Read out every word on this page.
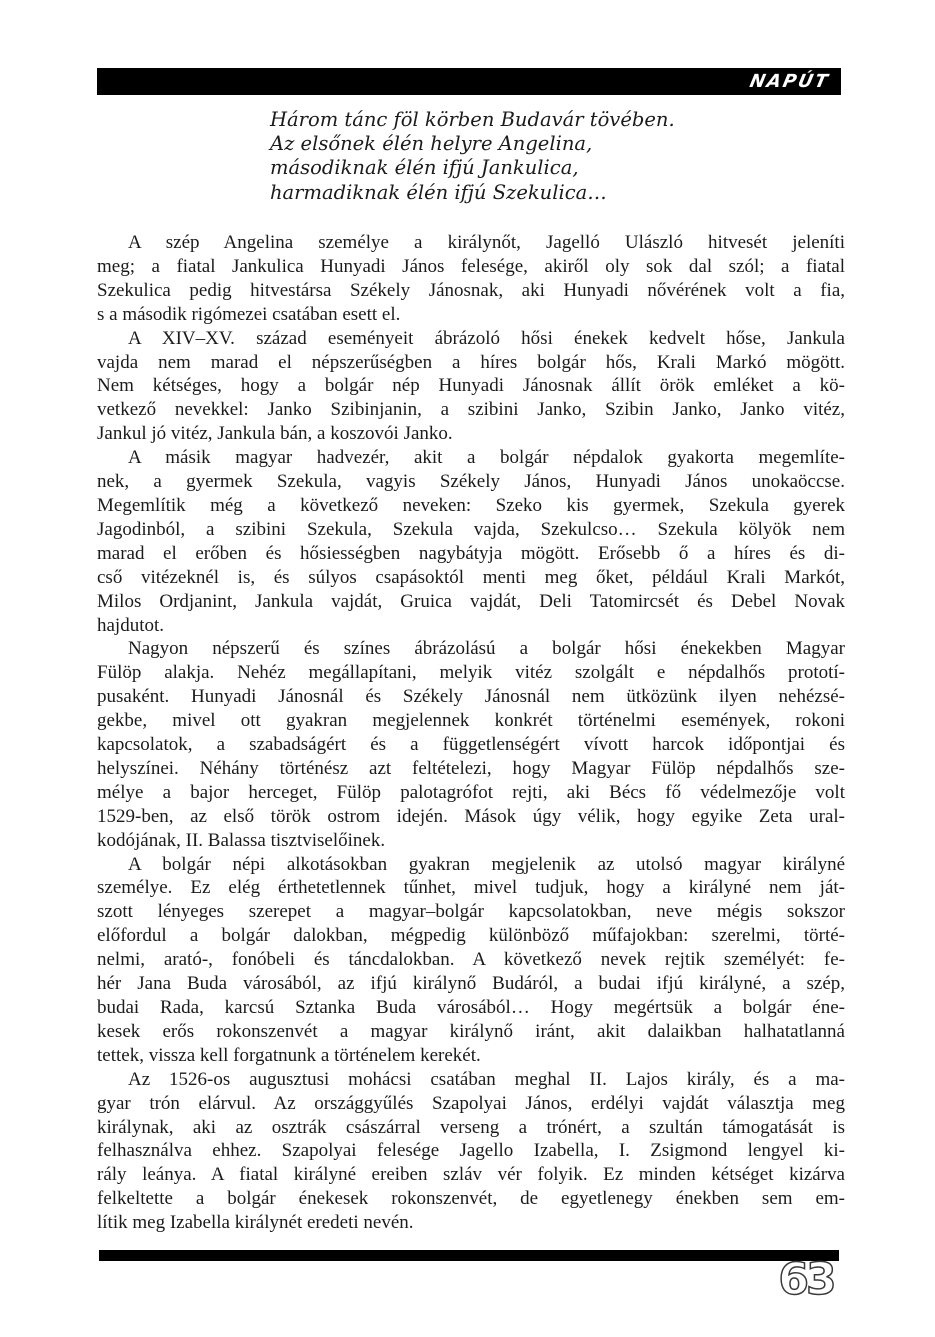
NAPÚT
Három tánc föl körben Budavár tövében.
Az elsőnek élén helyre Angelina,
másodiknak élén ifjú Jankulica,
harmadiknak élén ifjú Szekulica…

A szép Angelina személye a királynőt, Jagelló Ulászló hitvesét jeleníti
meg; a fiatal Jankulica Hunyadi János felesége, akiről oly sok dal szól; a fiatal
Szekulica pedig hitvestársa Székely Jánosnak, aki Hunyadi nővérének volt a fia,
s a második rigómezei csatában esett el.

A XIV–XV. század eseményeit ábrázoló hősi énekek kedvelt hőse, Jankula
vajda nem marad el népszerűségben a híres bolgár hős, Krali Markó mögött.
Nem kétséges, hogy a bolgár nép Hunyadi Jánosnak állít örök emléket a kö-
vetkező nevekkel: Janko Szibinjanin, a szibini Janko, Szibin Janko, Janko vitéz,
Jankul jó vitéz, Jankula bán, a koszovói Janko.

A másik magyar hadvezér, akit a bolgár népdalok gyakorta megemlíte-
nek, a gyermek Szekula, vagyis Székely János, Hunyadi János unokaöccse.
Megemlítik még a következő neveken: Szeko kis gyermek, Szekula gyerek
Jagodinból, a szibini Szekula, Szekula vajda, Szekulcso… Szekula kölyök nem
marad el erőben és hősiességben nagybátyja mögött. Erősebb ő a híres és di-
cső vitézeknél is, és súlyos csapásoktól menti meg őket, például Krali Markót,
Milos Ordjanint, Jankula vajdát, Gruica vajdát, Deli Tatomircsét és Debel Novak
hajdutot.

Nagyon népszerű és színes ábrázolású a bolgár hősi énekekben Magyar
Fülöp alakja. Nehéz megállapítani, melyik vitéz szolgált e népdalhős prototí-
pusaként. Hunyadi Jánosnál és Székely Jánosnál nem ütközünk ilyen nehézsé-
gekbe, mivel ott gyakran megjelennek konkrét történelmi események, rokoni
kapcsolatok, a szabadságért és a függetlenségért vívott harcok időpontjai és
helyszínei. Néhány történész azt feltételezi, hogy Magyar Fülöp népdalhős sze-
mélye a bajor herceget, Fülöp palotagrófot rejti, aki Bécs fő védelmezője volt
1529-ben, az első török ostrom idején. Mások úgy vélik, hogy egyike Zeta ural-
kodójának, II. Balassa tisztviselőinek.

A bolgár népi alkotásokban gyakran megjelenik az utolsó magyar királyné
személye. Ez elég érthetetlennek tűnhet, mivel tudjuk, hogy a királyné nem ját-
szott lényeges szerepet a magyar–bolgár kapcsolatokban, neve mégis sokszor
előfordul a bolgár dalokban, mégpedig különböző műfajokban: szerelmi, törté-
nelmi, arató-, fonóbeli és táncdalokban. A következő nevek rejtik személyét: fe-
hér Jana Buda városából, az ifjú királynő Budáról, a budai ifjú királyné, a szép,
budai Rada, karcsú Sztanka Buda városából… Hogy megértsük a bolgár éne-
kesek erős rokonszenvét a magyar királynő iránt, akit dalaikban halhatatlanná
tettek, vissza kell forgatnunk a történelem kerekét.

Az 1526-os augusztusi mohácsi csatában meghal II. Lajos király, és a ma-
gyar trón elárvul. Az országgyűlés Szapolyai János, erdélyi vajdát választja meg
királynak, aki az osztrák császárral verseng a trónért, a szultán támogatását is
felhasználva ehhez. Szapolyai felesége Jagello Izabella, I. Zsigmond lengyel ki-
rály leánya. A fiatal királyné ereiben szláv vér folyik. Ez minden kétséget kizárva
felkeltette a bolgár énekesek rokonszenvét, de egyetlenegy énekben sem em-
lítik meg Izabella királynét eredeti nevén.

63
